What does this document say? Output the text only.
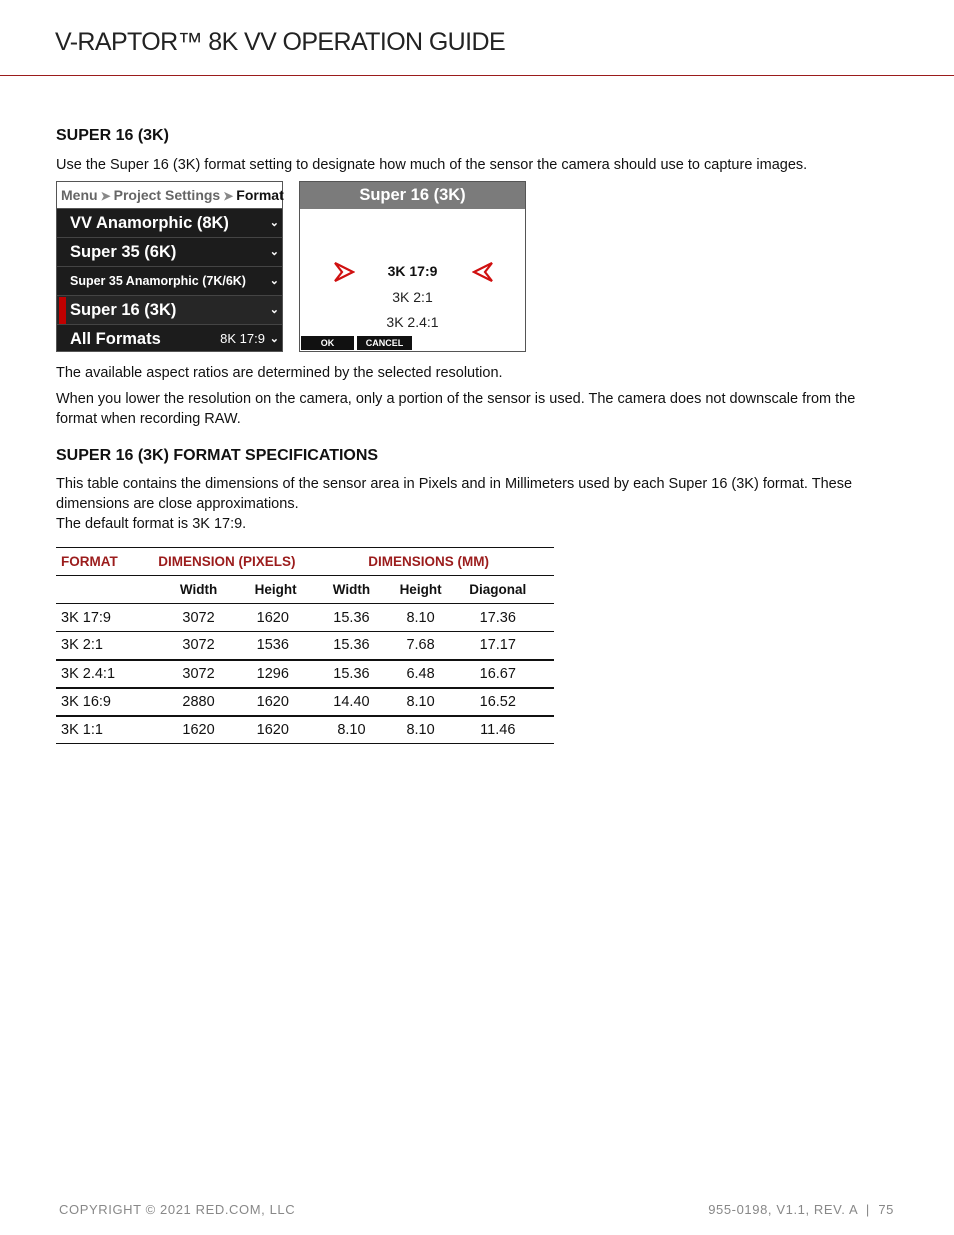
V-RAPTOR™ 8K VV OPERATION GUIDE
SUPER 16 (3K)
Use the Super 16 (3K) format setting to designate how much of the sensor the camera should use to capture images.
Menu ➤ Project Settings ➤ Format
VV Anamorphic (8K)	⌄
Super 35 (6K)	⌄
Super 35 Anamorphic (7K/6K) ⌄
Super 16 (3K)	⌄
All Formats	8K 17:9 ⌄
Super 16 (3K)
3K 17:9
3K 2:1
3K 2.4:1
OK	CANCEL
The available aspect ratios are determined by the selected resolution.
When you lower the resolution on the camera, only a portion of the sensor is used. The camera does not downscale from the format when recording RAW.
SUPER 16 (3K) FORMAT SPECIFICATIONS
This table contains the dimensions of the sensor area in Pixels and in Millimeters used by each Super 16 (3K) format. These dimensions are close approximations.
The default format is 3K 17:9.
FORMAT	DIMENSION (PIXELS)		DIMENSIONS (MM)		
	Width	Height	Width	Height	Diagonal
3K 17:9	3072	1620	15.36	8.10	17.36
3K 2:1	3072	1536	15.36	7.68	17.17
3K 2.4:1	3072	1296	15.36	6.48	16.67
3K 16:9	2880	1620	14.40	8.10	16.52
3K 1:1	1620	1620	8.10	8.10	11.46
COPYRIGHT © 2021 RED.COM, LLC	955-0198, V1.1, REV. A  |  75
